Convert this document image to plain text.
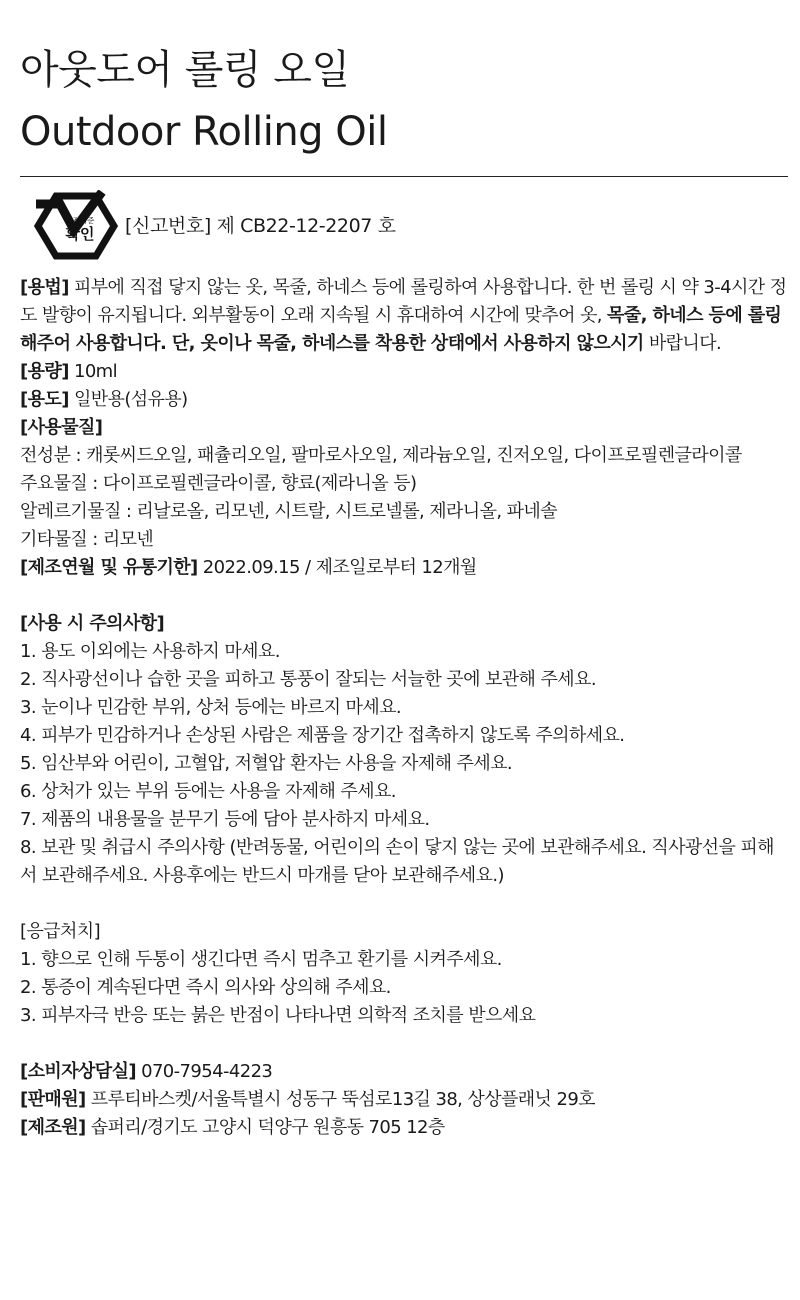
아웃도어 롤링 오일
Outdoor Rolling Oil
안전기준
확인 [신고번호] 제 CB22-12-2207 호
[용법] 피부에 직접 닿지 않는 옷, 목줄, 하네스 등에 롤링하여 사용합니다. 한 번 롤링 시 약 3-4시간 정도 발향이 유지됩니다. 외부활동이 오래 지속될 시 휴대하여 시간에 맞추어 옷, 목줄, 하네스 등에 롤링해주어 사용합니다. 단, 옷이나 목줄, 하네스를 착용한 상태에서 사용하지 않으시기 바랍니다.
[용량] 10ml
[용도] 일반용(섬유용)
[사용물질]
전성분 : 캐롯씨드오일, 패츌리오일, 팔마로사오일, 제라늄오일, 진저오일, 다이프로필렌글라이콜
주요물질 : 다이프로필렌글라이콜, 향료(제라니올 등)
알레르기물질 : 리날로올, 리모넨, 시트랄, 시트로넬롤, 제라니올, 파네솔
기타물질 : 리모넨
[제조연월 및 유통기한] 2022.09.15 / 제조일로부터 12개월
[사용 시 주의사항]
1. 용도 이외에는 사용하지 마세요.
2. 직사광선이나 습한 곳을 피하고 통풍이 잘되는 서늘한 곳에 보관해 주세요.
3. 눈이나 민감한 부위, 상처 등에는 바르지 마세요.
4. 피부가 민감하거나 손상된 사람은 제품을 장기간 접촉하지 않도록 주의하세요.
5. 임산부와 어린이, 고혈압, 저혈압 환자는 사용을 자제해 주세요.
6. 상처가 있는 부위 등에는 사용을 자제해 주세요.
7. 제품의 내용물을 분무기 등에 담아 분사하지 마세요.
8. 보관 및 취급시 주의사항 (반려동물, 어린이의 손이 닿지 않는 곳에 보관해주세요. 직사광선을 피해서 보관해주세요. 사용후에는 반드시 마개를 닫아 보관해주세요.)
[응급처치]
1. 향으로 인해 두통이 생긴다면 즉시 멈추고 환기를 시켜주세요.
2. 통증이 계속된다면 즉시 의사와 상의해 주세요.
3. 피부자극 반응 또는 붉은 반점이 나타나면 의학적 조치를 받으세요
[소비자상담실] 070-7954-4223
[판매원] 프루티바스켓/서울특별시 성동구 뚝섬로13길 38, 상상플래닛 29호
[제조원] 솝퍼리/경기도 고양시 덕양구 원흥동 705 12층
